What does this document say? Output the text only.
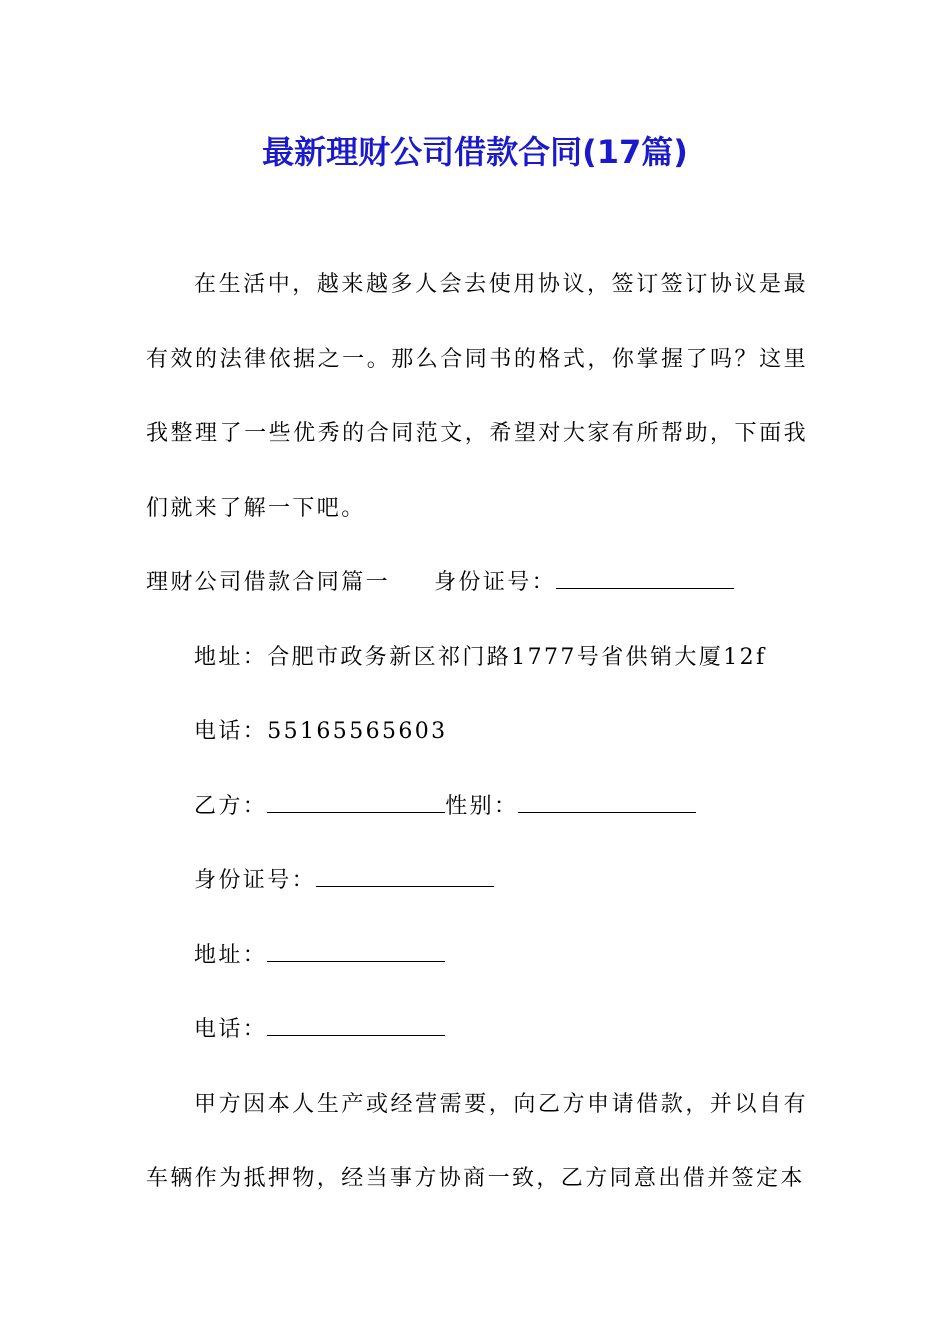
最新理财公司借款合同(17篇)

在生活中，越来越多人会去使用协议，签订签订协议是最有效的法律依据之一。那么合同书的格式，你掌握了吗？这里我整理了一些优秀的合同范文，希望对大家有所帮助，下面我们就来了解一下吧。

理财公司借款合同篇一 身份证号：
地址：合肥市政务新区祁门路1777号省供销大厦12f
电话：55165565603
乙方：	性别：
身份证号：
地址：
电话：

甲方因本人生产或经营需要，向乙方申请借款，并以自有车辆作为抵押物，经当事方协商一致，乙方同意出借并签定本
